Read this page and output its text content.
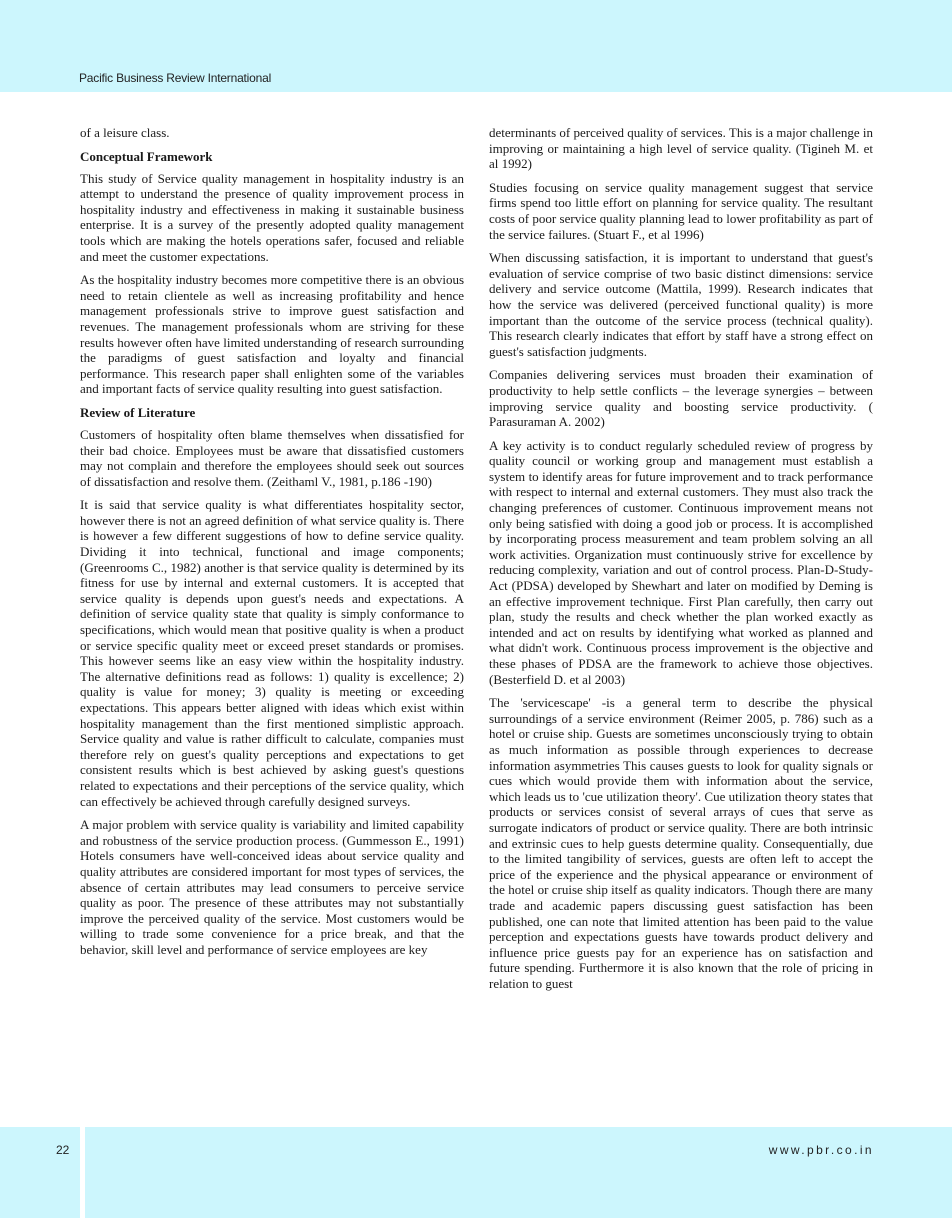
Pacific Business Review International

of a leisure class.

Conceptual Framework

This study of Service quality management in hospitality industry is an attempt to understand the presence of quality improvement process in hospitality industry and effectiveness in making it sustainable business enterprise. It is a survey of the presently adopted quality management tools which are making the hotels operations safer, focused and reliable and meet the customer expectations.

As the hospitality industry becomes more competitive there is an obvious need to retain clientele as well as increasing profitability and hence management professionals strive to improve guest satisfaction and revenues. The management professionals whom are striving for these results however often have limited understanding of research surrounding the paradigms of guest satisfaction and loyalty and financial performance. This research paper shall enlighten some of the variables and important facts of service quality resulting into guest satisfaction.

Review of Literature

Customers of hospitality often blame themselves when dissatisfied for their bad choice. Employees must be aware that dissatisfied customers may not complain and therefore the employees should seek out sources of dissatisfaction and resolve them. (Zeithaml V., 1981, p.186 -190)

It is said that service quality is what differentiates hospitality sector, however there is not an agreed definition of what service quality is. There is however a few different suggestions of how to define service quality. Dividing it into technical, functional and image components; (Greenrooms C., 1982) another is that service quality is determined by its fitness for use by internal and external customers. It is accepted that service quality is depends upon guest's needs and expectations. A definition of service quality state that quality is simply conformance to specifications, which would mean that positive quality is when a product or service specific quality meet or exceed preset standards or promises. This however seems like an easy view within the hospitality industry. The alternative definitions read as follows: 1) quality is excellence; 2) quality is value for money; 3) quality is meeting or exceeding expectations. This appears better aligned with ideas which exist within hospitality management than the first mentioned simplistic approach. Service quality and value is rather difficult to calculate, companies must therefore rely on guest's quality perceptions and expectations to get consistent results which is best achieved by asking guest's questions related to expectations and their perceptions of the service quality, which can effectively be achieved through carefully designed surveys.

A major problem with service quality is variability and limited capability and robustness of the service production process. (Gummesson E., 1991) Hotels consumers have well-conceived ideas about service quality and quality attributes are considered important for most types of services, the absence of certain attributes may lead consumers to perceive service quality as poor. The presence of these attributes may not substantially improve the perceived quality of the service. Most customers would be willing to trade some convenience for a price break, and that the behavior, skill level and performance of service employees are key

determinants of perceived quality of services. This is a major challenge in improving or maintaining a high level of service quality. (Tigineh M. et al 1992)

Studies focusing on service quality management suggest that service firms spend too little effort on planning for service quality. The resultant costs of poor service quality planning lead to lower profitability as part of the service failures. (Stuart F., et al 1996)

When discussing satisfaction, it is important to understand that guest's evaluation of service comprise of two basic distinct dimensions: service delivery and service outcome (Mattila, 1999). Research indicates that how the service was delivered (perceived functional quality) is more important than the outcome of the service process (technical quality). This research clearly indicates that effort by staff have a strong effect on guest's satisfaction judgments.

Companies delivering services must broaden their examination of productivity to help settle conflicts – the leverage synergies – between improving service quality and boosting service productivity. ( Parasuraman A. 2002)

A key activity is to conduct regularly scheduled review of progress by quality council or working group and management must establish a system to identify areas for future improvement and to track performance with respect to internal and external customers. They must also track the changing preferences of customer. Continuous improvement means not only being satisfied with doing a good job or process. It is accomplished by incorporating process measurement and team problem solving an all work activities. Organization must continuously strive for excellence by reducing complexity, variation and out of control process. Plan-D-Study-Act (PDSA) developed by Shewhart and later on modified by Deming is an effective improvement technique. First Plan carefully, then carry out plan, study the results and check whether the plan worked exactly as intended and act on results by identifying what worked as planned and what didn't work. Continuous process improvement is the objective and these phases of PDSA are the framework to achieve those objectives. (Besterfield D. et al 2003)

The 'servicescape' -is a general term to describe the physical surroundings of a service environment (Reimer 2005, p. 786) such as a hotel or cruise ship. Guests are sometimes unconsciously trying to obtain as much information as possible through experiences to decrease information asymmetries This causes guests to look for quality signals or cues which would provide them with information about the service, which leads us to 'cue utilization theory'. Cue utilization theory states that products or services consist of several arrays of cues that serve as surrogate indicators of product or service quality. There are both intrinsic and extrinsic cues to help guests determine quality. Consequentially, due to the limited tangibility of services, guests are often left to accept the price of the experience and the physical appearance or environment of the hotel or cruise ship itself as quality indicators. Though there are many trade and academic papers discussing guest satisfaction has been published, one can note that limited attention has been paid to the value perception and expectations guests have towards product delivery and influence price guests pay for an experience has on satisfaction and future spending. Furthermore it is also known that the role of pricing in relation to guest

22	www.pbr.co.in
